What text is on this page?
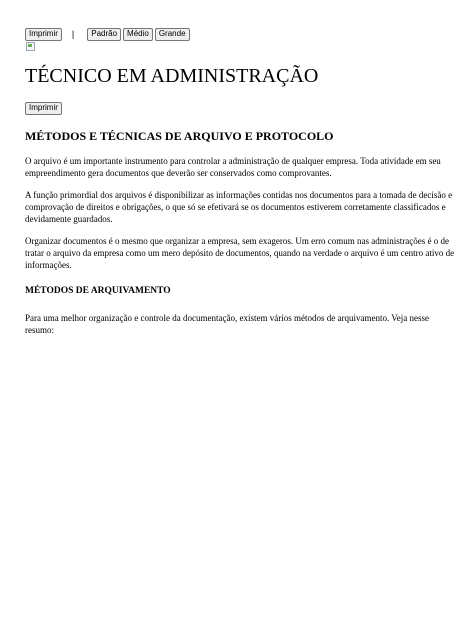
Imprimir	|	Padrão	Médio	Grande
TÉCNICO EM ADMINISTRAÇÃO
Imprimir
MÉTODOS E TÉCNICAS DE ARQUIVO E PROTOCOLO

O arquivo é um importante instrumento para controlar a administração de qualquer empresa. Toda atividade em seu empreendimento gera documentos que deverão ser conservados como comprovantes.

A função primordial dos arquivos é disponibilizar as informações contidas nos documentos para a tomada de decisão e comprovação de direitos e obrigações, o que só se efetivará se os documentos estiverem corretamente classificados e devidamente guardados.

Organizar documentos é o mesmo que organizar a empresa, sem exageros. Um erro comum nas administrações é o de tratar o arquivo da empresa como um mero depósito de documentos, quando na verdade o arquivo é um centro ativo de informações.

MÉTODOS DE ARQUIVAMENTO

Para uma melhor organização e controle da documentação, existem vários métodos de arquivamento. Veja nesse resumo:
